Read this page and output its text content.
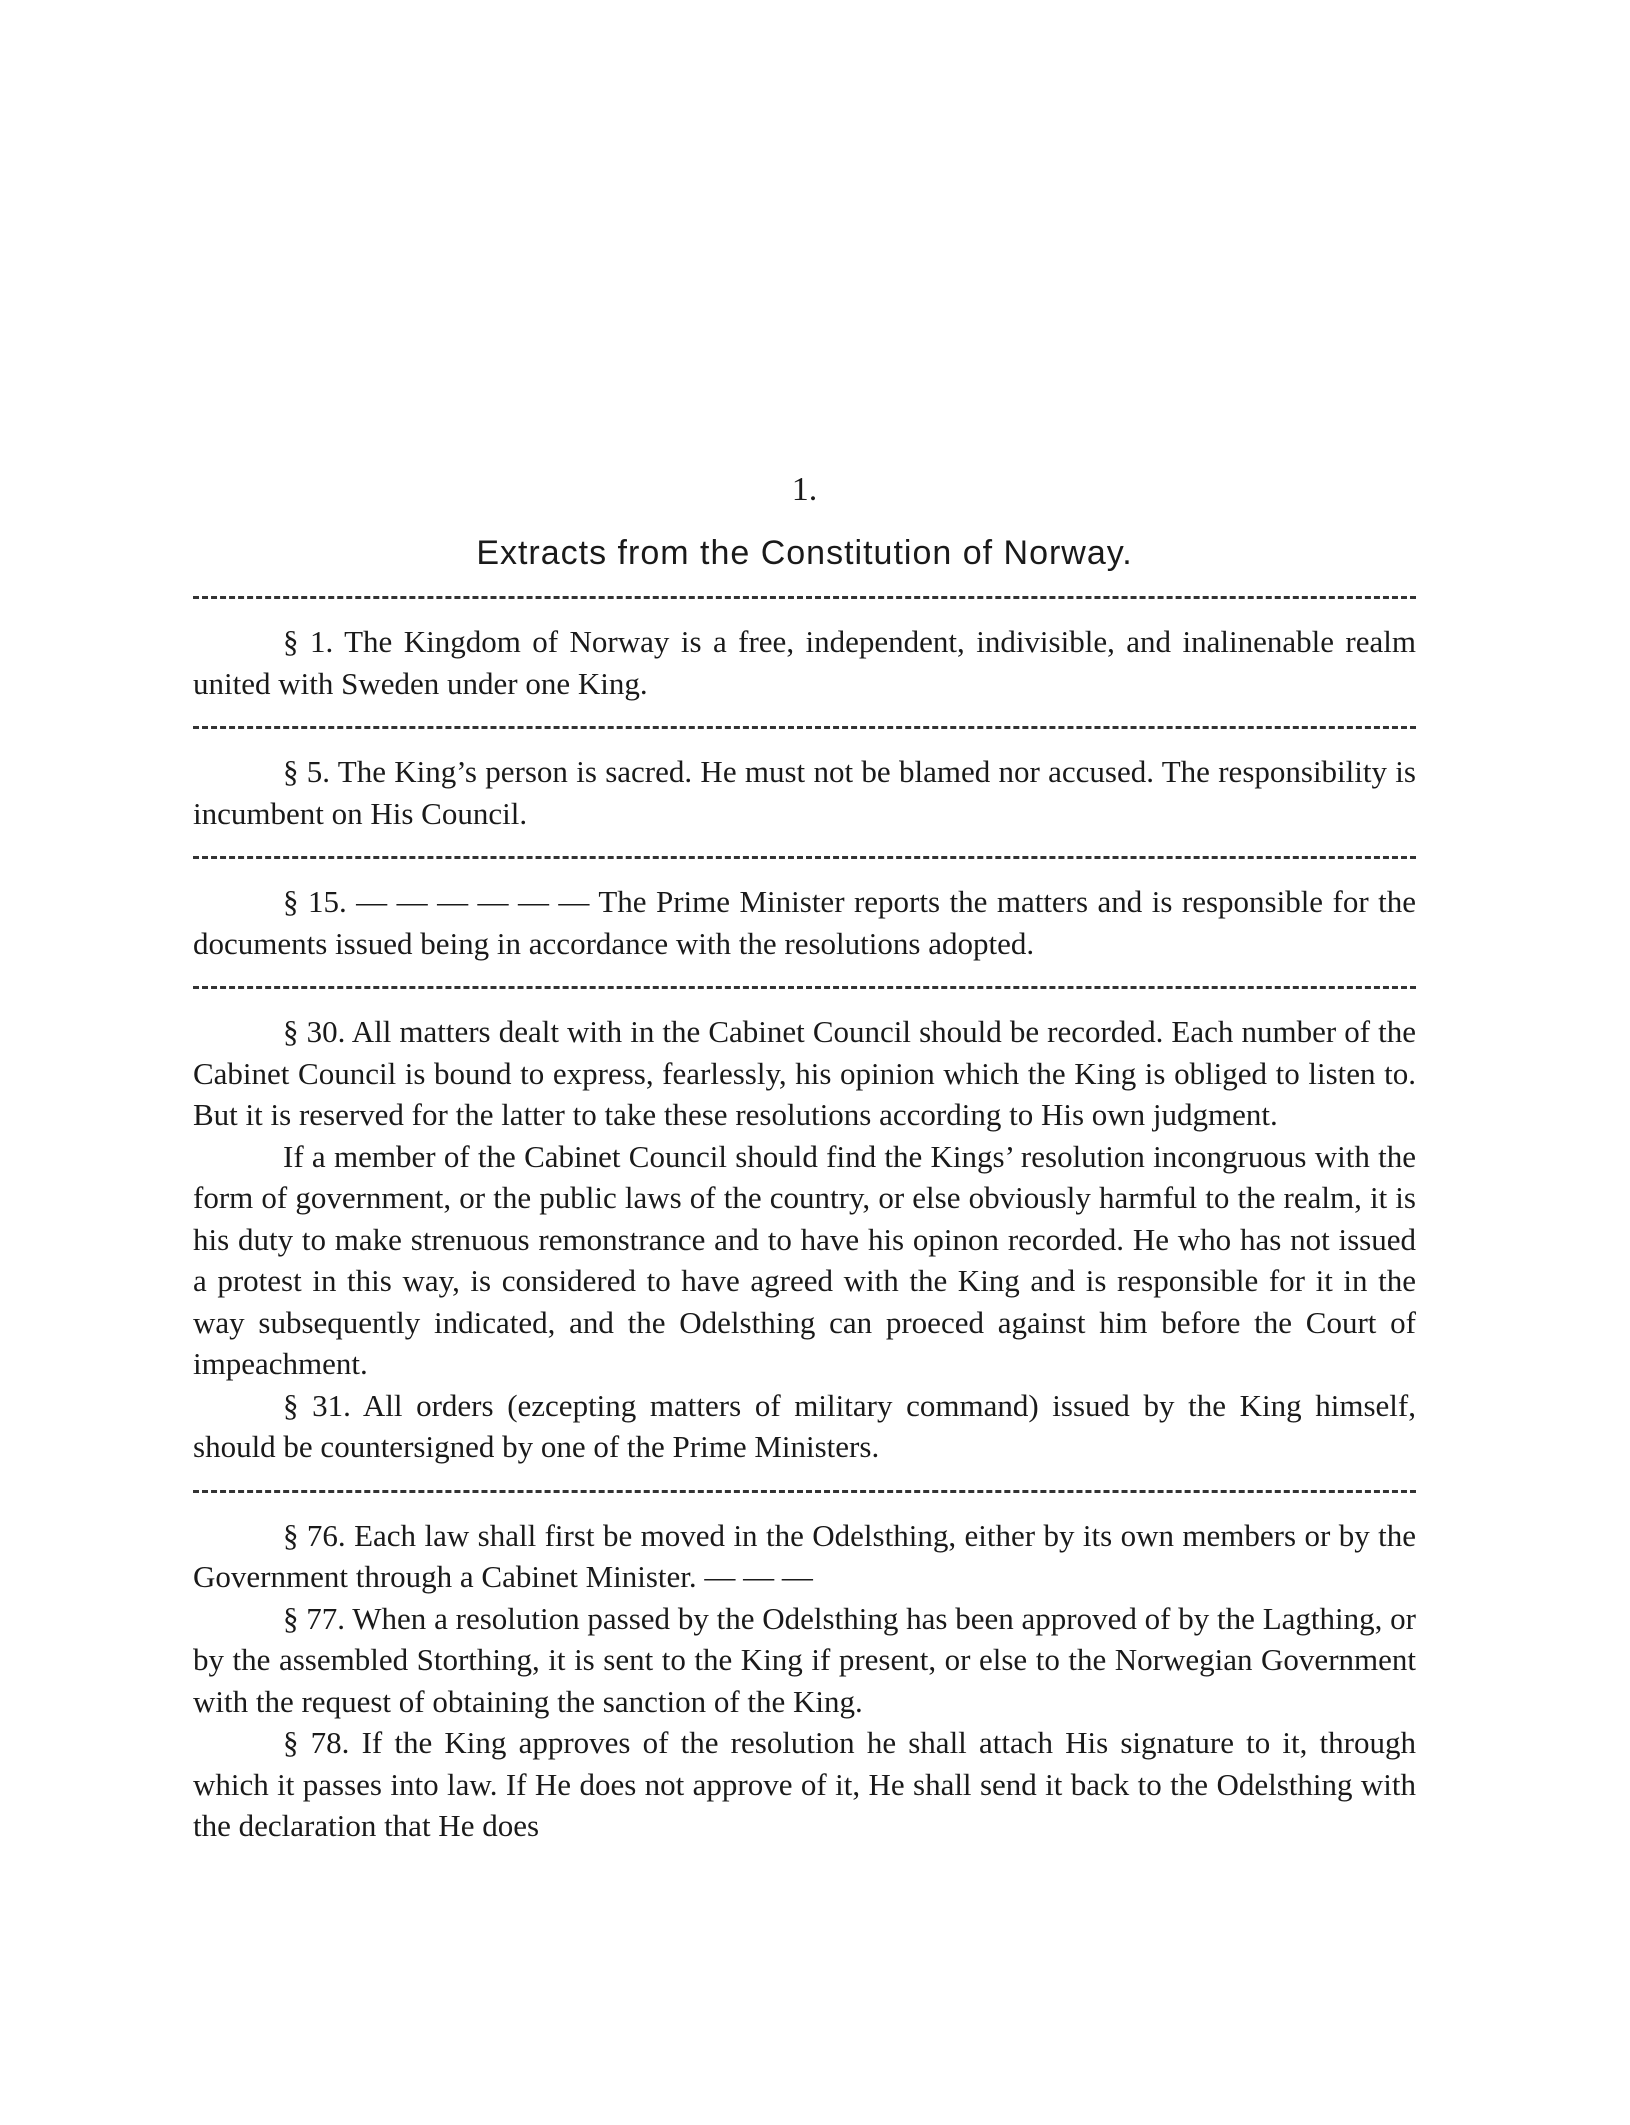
1.
Extracts from the Constitution of Norway.

§ 1. The Kingdom of Norway is a free, independent, indivisible, and inalinenable realm united with Sweden under one King.

§ 5. The King’s person is sacred. He must not be blamed nor accused. The responsibility is incumbent on His Council.

§ 15. — — — — — — The Prime Minister reports the matters and is responsible for the documents issued being in accordance with the resolutions adopted.

§ 30. All matters dealt with in the Cabinet Council should be recorded. Each number of the Cabinet Council is bound to express, fearlessly, his opinion which the King is obliged to listen to. But it is reserved for the latter to take these resolutions according to His own judgment.

If a member of the Cabinet Council should find the Kings’ resolution incongruous with the form of government, or the public laws of the country, or else obviously harmful to the realm, it is his duty to make strenuous remonstrance and to have his opinon recorded. He who has not issued a protest in this way, is considered to have agreed with the King and is responsible for it in the way subsequently indicated, and the Odelsthing can proeced against him before the Court of impeachment.

§ 31. All orders (ezcepting matters of military command) issued by the King himself, should be countersigned by one of the Prime Ministers.

§ 76. Each law shall first be moved in the Odelsthing, either by its own members or by the Government through a Cabinet Minister. — — —

§ 77. When a resolution passed by the Odelsthing has been approved of by the Lagthing, or by the assembled Storthing, it is sent to the King if present, or else to the Norwegian Government with the request of obtaining the sanction of the King.

§ 78. If the King approves of the resolution he shall attach His signature to it, through which it passes into law. If He does not approve of it, He shall send it back to the Odelsthing with the declaration that He does
